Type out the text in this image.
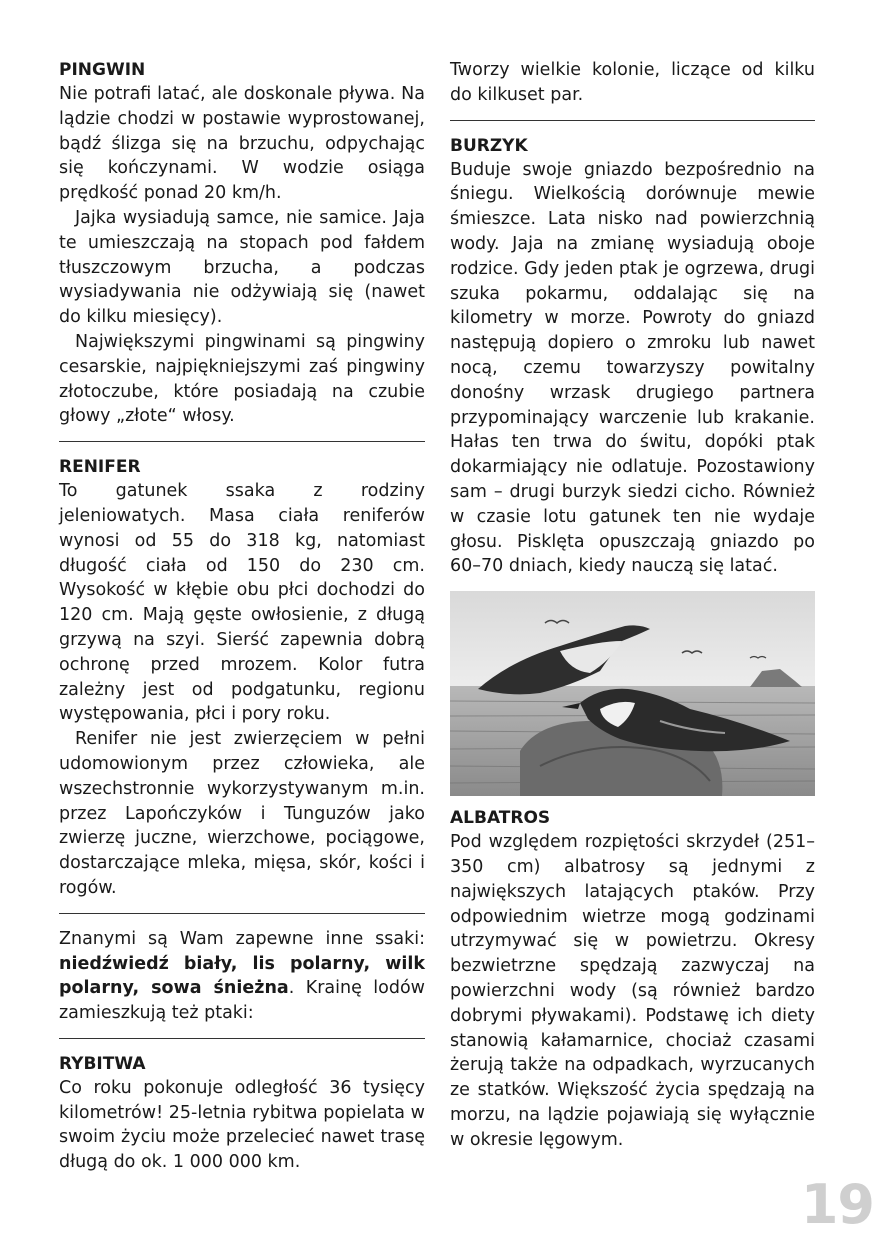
PINGWIN

Nie potrafi latać, ale doskonale pływa. Na lądzie chodzi w postawie wyprostowanej, bądź ślizga się na brzuchu, odpychając się kończynami. W wodzie osiąga prędkość ponad 20 km/h.

Jajka wysiadują samce, nie samice. Jaja te umieszczają na stopach pod fałdem tłuszczowym brzucha, a podczas wysiadywania nie odżywiają się (nawet do kilku miesięcy).

Największymi pingwinami są pingwiny cesarskie, najpiękniejszymi zaś pingwiny złotoczube, które posiadają na czubie głowy „złote“ włosy.

RENIFER

To gatunek ssaka z rodziny jeleniowatych. Masa ciała reniferów wynosi od 55 do 318 kg, natomiast długość ciała od 150 do 230 cm. Wysokość w kłębie obu płci dochodzi do 120 cm. Mają gęste owłosienie, z długą grzywą na szyi. Sierść zapewnia dobrą ochronę przed mrozem. Kolor futra zależny jest od podgatunku, regionu występowania, płci i pory roku.

Renifer nie jest zwierzęciem w pełni udomowionym przez człowieka, ale wszechstronnie wykorzystywanym m.in. przez Lapończyków i Tunguzów jako zwierzę juczne, wierzchowe, pociągowe, dostarczające mleka, mięsa, skór, kości i rogów.

Znanymi są Wam zapewne inne ssaki: niedźwiedź biały, lis polarny, wilk polarny, sowa śnieżna. Krainę lodów zamieszkują też ptaki:

RYBITWA

Co roku pokonuje odległość 36 tysięcy kilometrów! 25-letnia rybitwa popielata w swoim życiu może przelecieć nawet trasę długą do ok. 1 000 000 km.

Tworzy wielkie kolonie, liczące od kilku do kilkuset par.

BURZYK

Buduje swoje gniazdo bezpośrednio na śniegu. Wielkością dorównuje mewie śmieszce. Lata nisko nad powierzchnią wody. Jaja na zmianę wysiadują oboje rodzice. Gdy jeden ptak je ogrzewa, drugi szuka pokarmu, oddalając się na kilometry w morze. Powroty do gniazd następują dopiero o zmroku lub nawet nocą, czemu towarzyszy powitalny donośny wrzask drugiego partnera przypominający warczenie lub krakanie. Hałas ten trwa do świtu, dopóki ptak dokarmiający nie odlatuje. Pozostawiony sam – drugi burzyk siedzi cicho. Również w czasie lotu gatunek ten nie wydaje głosu. Pisklęta opuszczają gniazdo po 60–70 dniach, kiedy nauczą się latać.

ALBATROS

Pod względem rozpiętości skrzydeł (251–350 cm) albatrosy są jednymi z największych latających ptaków. Przy odpowiednim wietrze mogą godzinami utrzymywać się w powietrzu. Okresy bezwietrzne spędzają zazwyczaj na powierzchni wody (są również bardzo dobrymi pływakami). Podstawę ich diety stanowią kałamarnice, chociaż czasami żerują także na odpadkach, wyrzucanych ze statków. Większość życia spędzają na morzu, na lądzie pojawiają się wyłącznie w okresie lęgowym.

19
